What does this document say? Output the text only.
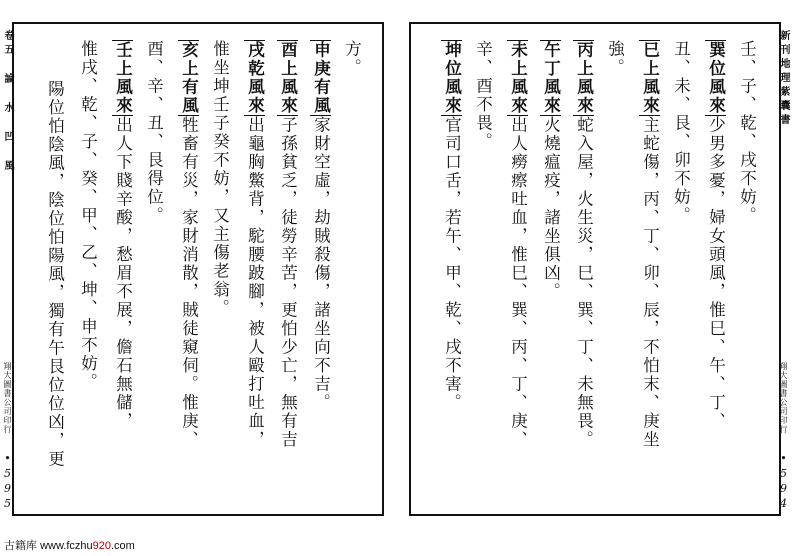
卷五 論 水 凹 風
翔大圖書公司印行
•595
方。
申庚有風家財空虛，劫賊殺傷，諸坐向不吉。
酉上風來子孫貧乏，徒勞辛苦，更怕少亡，無有吉
戌乾風來出龜胸鱉背，駝腰跛腳，被人毆打吐血，
惟坐坤壬子癸不妨，又主傷老翁。
亥上有風牲畜有災，家財消散，賊徒窺伺。惟庚、
酉、辛、丑、艮得位。
壬上風來出人下賤辛酸，愁眉不展，儋石無儲，
惟戌、乾、子、癸、甲、乙、坤、申不妨。
陽位怕陰風，陰位怕陽風，獨有午艮位位凶，更
新刊地理紫囊書
翔大圖書公司印行
•594
壬、子、乾、戌不妨。
巽位風來少男多憂，婦女頭風，惟巳、午、丁、
丑、未、艮、卯不妨。
巳上風來主蛇傷，丙、丁、卯、辰，不怕末、庚坐
強。
丙上風來蛇入屋，火生災，巳、巽、丁、未無畏。
午丁風來火燒瘟疫，諸坐俱凶。
未上風來出人癆瘵吐血，惟巳、巽、丙、丁、庚、
辛、酉不畏。
坤位風來官司口舌，若午、甲、乾、戌不害。
古籍库 www.fczhu920.com
